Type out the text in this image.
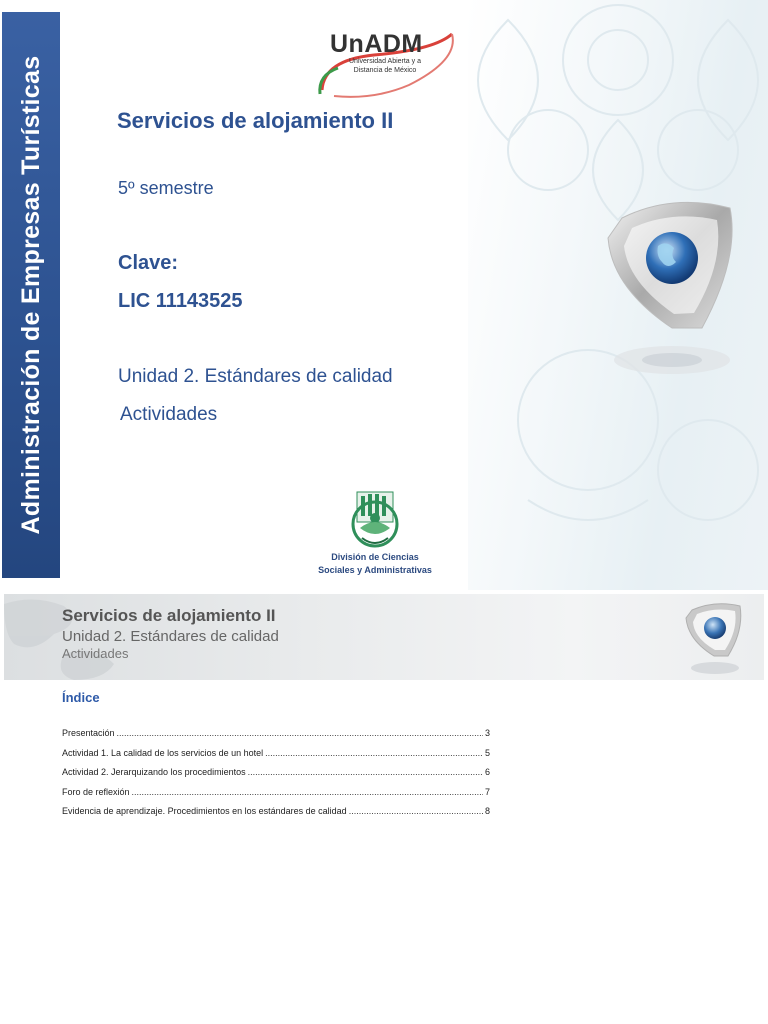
Administración de Empresas Turísticas
UnADM
Universidad Abierta y a
Distancia de México
Servicios de alojamiento II
5º semestre
Clave:
LIC 11143525
Unidad 2. Estándares de calidad
Actividades
División de Ciencias
Sociales y Administrativas
Servicios de alojamiento II
Unidad 2. Estándares de calidad
Actividades
Índice
Presentación .....	3
Actividad 1. La calidad de los servicios de un hotel .....	5
Actividad 2. Jerarquizando los procedimientos .....	6
Foro de reflexión .....	7
Evidencia de aprendizaje. Procedimientos en los estándares de calidad .....	8
